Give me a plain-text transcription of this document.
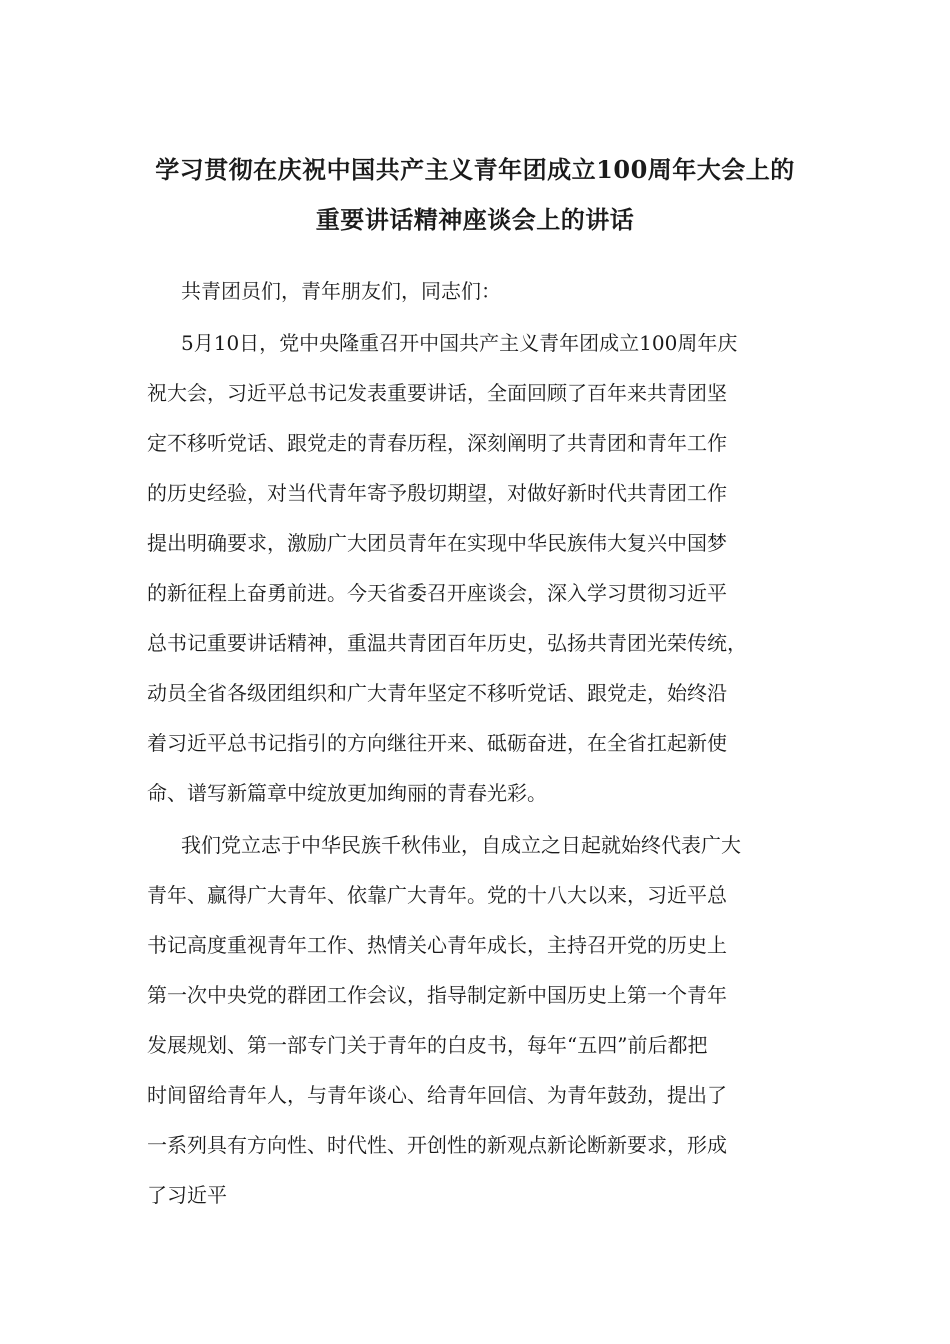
学习贯彻在庆祝中国共产主义青年团成立100周年大会上的
重要讲话精神座谈会上的讲话

共青团员们，青年朋友们，同志们：

5月10日，党中央隆重召开中国共产主义青年团成立100周年庆
祝大会，习近平总书记发表重要讲话，全面回顾了百年来共青团坚
定不移听党话、跟党走的青春历程，深刻阐明了共青团和青年工作
的历史经验，对当代青年寄予殷切期望，对做好新时代共青团工作
提出明确要求，激励广大团员青年在实现中华民族伟大复兴中国梦
的新征程上奋勇前进。今天省委召开座谈会，深入学习贯彻习近平
总书记重要讲话精神，重温共青团百年历史，弘扬共青团光荣传统，
动员全省各级团组织和广大青年坚定不移听党话、跟党走，始终沿
着习近平总书记指引的方向继往开来、砥砺奋进，在全省扛起新使
命、谱写新篇章中绽放更加绚丽的青春光彩。

我们党立志于中华民族千秋伟业，自成立之日起就始终代表广大
青年、赢得广大青年、依靠广大青年。党的十八大以来，习近平总
书记高度重视青年工作、热情关心青年成长，主持召开党的历史上
第一次中央党的群团工作会议，指导制定新中国历史上第一个青年
发展规划、第一部专门关于青年的白皮书，每年“五四”前后都把
时间留给青年人，与青年谈心、给青年回信、为青年鼓劲，提出了
一系列具有方向性、时代性、开创性的新观点新论断新要求，形成
了习近平
